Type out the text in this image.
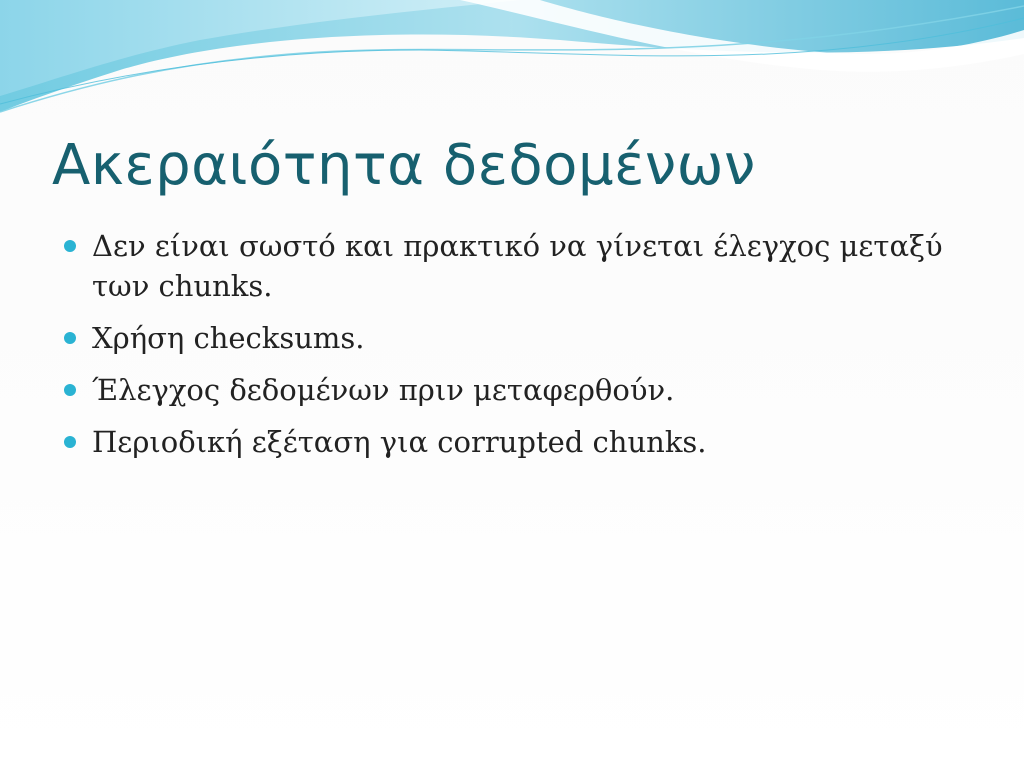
Ακεραιότητα δεδομένων
Δεν είναι σωστό και πρακτικό να γίνεται έλεγχος μεταξύ των chunks.
Χρήση checksums.
Έλεγχος δεδομένων πριν μεταφερθούν.
Περιοδική εξέταση για corrupted chunks.
